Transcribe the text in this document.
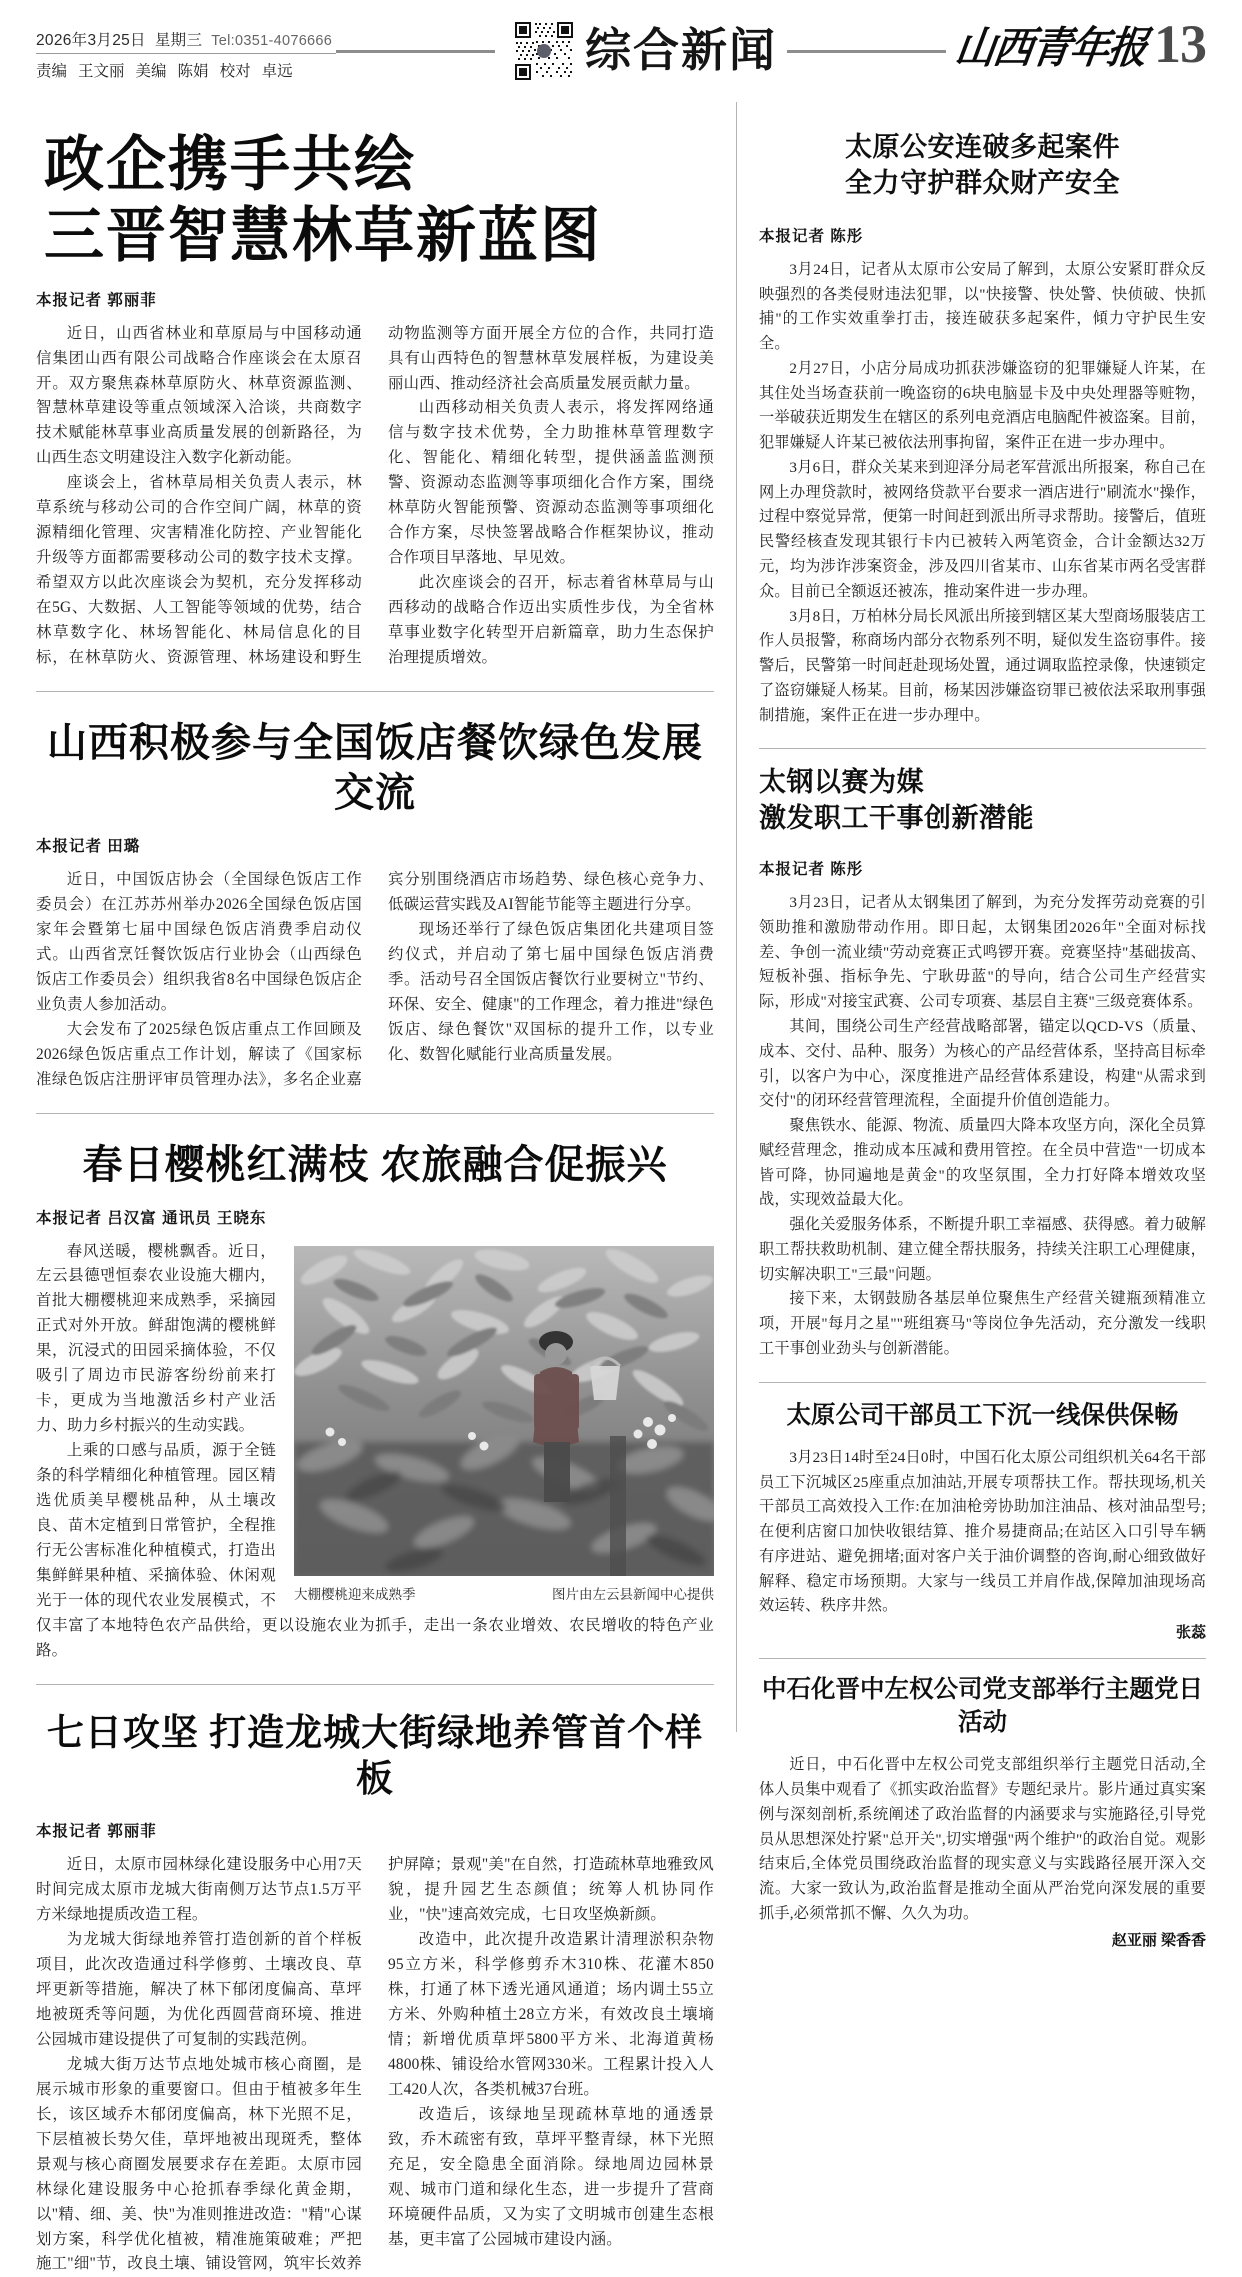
2026年3月25日 星期三 Tel:0351-4076666
责编 王文丽 美编 陈娟 校对 卓远	综合新闻	山西青年报 13
政企携手共绘
三晋智慧林草新蓝图
本报记者 郭丽菲

近日，山西省林业和草原局与中国移动通信集团山西有限公司战略合作座谈会在太原召开。双方聚焦森林草原防火、林草资源监测、智慧林草建设等重点领域深入洽谈，共商数字技术赋能林草事业高质量发展的创新路径，为山西生态文明建设注入数字化新动能。

座谈会上，省林草局相关负责人表示，林草系统与移动公司的合作空间广阔，林草的资源精细化管理、灾害精准化防控、产业智能化升级等方面都需要移动公司的数字技术支撑。希望双方以此次座谈会为契机，充分发挥移动在5G、大数据、人工智能等领域的优势，结合林草数字化、林场智能化、林局信息化的目标，在林草防火、资源管理、林场建设和野生动物监测等方面开展全方位的合作，共同打造具有山西特色的智慧林草发展样板，为建设美丽山西、推动经济社会高质量发展贡献力量。

山西移动相关负责人表示，将发挥网络通信与数字技术优势，全力助推林草管理数字化、智能化、精细化转型，提供涵盖监测预警、资源动态监测等事项细化合作方案，围绕林草防火智能预警、资源动态监测等事项细化合作方案，尽快签署战略合作框架协议，推动合作项目早落地、早见效。

此次座谈会的召开，标志着省林草局与山西移动的战略合作迈出实质性步伐，为全省林草事业数字化转型开启新篇章，助力生态保护治理提质增效。

山西积极参与全国饭店餐饮绿色发展交流
本报记者 田璐

近日，中国饭店协会（全国绿色饭店工作委员会）在江苏苏州举办2026全国绿色饭店国家年会暨第七届中国绿色饭店消费季启动仪式。山西省烹饪餐饮饭店行业协会（山西绿色饭店工作委员会）组织我省8名中国绿色饭店企业负责人参加活动。

大会发布了2025绿色饭店重点工作回顾及2026绿色饭店重点工作计划，解读了《国家标准绿色饭店注册评审员管理办法》，多名企业嘉宾分别围绕酒店市场趋势、绿色核心竞争力、低碳运营实践及AI智能节能等主题进行分享。

现场还举行了绿色饭店集团化共建项目签约仪式，并启动了第七届中国绿色饭店消费季。活动号召全国饭店餐饮行业要树立"节约、环保、安全、健康"的工作理念，着力推进"绿色饭店、绿色餐饮"双国标的提升工作，以专业化、数智化赋能行业高质量发展。

春日樱桃红满枝 农旅融合促振兴
本报记者 吕汉富 通讯员 王晓东
大棚樱桃迎来成熟季	图片由左云县新闻中心提供

春风送暖，樱桃飘香。近日，左云县德맨恒泰农业设施大棚内，首批大棚樱桃迎来成熟季，采摘园正式对外开放。鲜甜饱满的樱桃鲜果，沉浸式的田园采摘体验，不仅吸引了周边市民游客纷纷前来打卡，更成为当地激活乡村产业活力、助力乡村振兴的生动实践。

上乘的口感与品质，源于全链条的科学精细化种植管理。园区精选优质美早樱桃品种，从土壤改良、苗木定植到日常管护，全程推行无公害标准化种植模式，打造出集鲜鲜果种植、采摘体验、休闲观光于一体的现代农业发展模式，不仅丰富了本地特色农产品供给，更以设施农业为抓手，走出一条农业增效、农民增收的特色产业路。

七日攻坚 打造龙城大街绿地养管首个样板
本报记者 郭丽菲

近日，太原市园林绿化建设服务中心用7天时间完成太原市龙城大街南侧万达节点1.5万平方米绿地提质改造工程。

为龙城大街绿地养管打造创新的首个样板项目，此次改造通过科学修剪、土壤改良、草坪更新等措施，解决了林下郁闭度偏高、草坪地被斑秃等问题，为优化西圆营商环境、推进公园城市建设提供了可复制的实践范例。

龙城大街万达节点地处城市核心商圈，是展示城市形象的重要窗口。但由于植被多年生长，该区域乔木郁闭度偏高，林下光照不足，下层植被长势欠佳，草坪地被出现斑秃，整体景观与核心商圈发展要求存在差距。太原市园林绿化建设服务中心抢抓春季绿化黄金期，以"精、细、美、快"为准则推进改造："精"心谋划方案，科学优化植被，精准施策破难；严把施工"细"节，改良土壤、铺设管网，筑牢长效养护屏障；景观"美"在自然，打造疏林草地雅致风貌，提升园艺生态颜值；统筹人机协同作业，"快"速高效完成，七日攻坚焕新颜。

改造中，此次提升改造累计清理淤积杂物95立方米，科学修剪乔木310株、花灌木850株，打通了林下透光通风通道；场内调土55立方米、外购种植土28立方米，有效改良土壤墒情；新增优质草坪5800平方米、北海道黄杨4800株、铺设给水管网330米。工程累计投入人工420人次，各类机械37台班。

改造后，该绿地呈现疏林草地的通透景致，乔木疏密有致，草坪平整青绿，林下光照充足，安全隐患全面消除。绿地周边园林景观、城市门道和绿化生态，进一步提升了营商环境硬件品质，又为实了文明城市创建生态根基，更丰富了公园城市建设内涵。

太原公安连破多起案件
全力守护群众财产安全
本报记者 陈彤

3月24日，记者从太原市公安局了解到，太原公安紧盯群众反映强烈的各类侵财违法犯罪，以"快接警、快处警、快侦破、快抓捕"的工作实效重拳打击，接连破获多起案件，傾力守护民生安全。

2月27日，小店分局成功抓获涉嫌盗窃的犯罪嫌疑人许某，在其住处当场查获前一晚盗窃的6块电脑显卡及中央处理器等赃物，一举破获近期发生在辖区的系列电竞酒店电脑配件被盗案。目前，犯罪嫌疑人许某已被依法刑事拘留，案件正在进一步办理中。

3月6日，群众关某来到迎泽分局老军营派出所报案，称自己在网上办理贷款时，被网络贷款平台要求一酒店进行"刷流水"操作，过程中察觉异常，便第一时间赶到派出所寻求帮助。接警后，值班民警经核查发现其银行卡内已被转入两笔资金，合计金额达32万元，均为涉诈涉案资金，涉及四川省某市、山东省某市两名受害群众。目前已全额返还被冻，推动案件进一步办理。

3月8日，万柏林分局长风派出所接到辖区某大型商场服装店工作人员报警，称商场内部分衣物系列不明，疑似发生盗窃事件。接警后，民警第一时间赶赴现场处置，通过调取监控录像，快速锁定了盗窃嫌疑人杨某。目前，杨某因涉嫌盗窃罪已被依法采取刑事强制措施，案件正在进一步办理中。

太钢以赛为媒
激发职工干事创新潜能
本报记者 陈彤

3月23日，记者从太钢集团了解到，为充分发挥劳动竞赛的引领助推和激励带动作用。即日起，太钢集团2026年"全面对标找差、争创一流业绩"劳动竞赛正式鸣锣开赛。竞赛坚持"基础拔高、短板补强、指标争先、宁耿毋蓝"的导向，结合公司生产经营实际，形成"对接宝武赛、公司专项赛、基层自主赛"三级竞赛体系。

其间，围绕公司生产经营战略部署，锚定以QCD-VS（质量、成本、交付、品种、服务）为核心的产品经营体系，坚持高目标牵引，以客户为中心，深度推进产品经营体系建设，构建"从需求到交付"的闭环经营管理流程，全面提升价值创造能力。

聚焦铁水、能源、物流、质量四大降本攻坚方向，深化全员算赋经营理念，推动成本压减和费用管控。在全员中营造"一切成本皆可降，协同遍地是黄金"的攻坚氛围，全力打好降本增效攻坚战，实现效益最大化。

强化关爱服务体系，不断提升职工幸福感、获得感。着力破解职工帮扶救助机制、建立健全帮扶服务，持续关注职工心理健康，切实解决职工"三最"问题。

接下来，太钢鼓励各基层单位聚焦生产经营关键瓶颈精准立项，开展"每月之星""班组赛马"等岗位争先活动，充分激发一线职工干事创业劲头与创新潜能。

太原公司干部员工下沉一线保供保畅

3月23日14时至24日0时，中国石化太原公司组织机关64名干部员工下沉城区25座重点加油站,开展专项帮扶工作。帮扶现场,机关干部员工高效投入工作:在加油枪旁协助加注油品、核对油品型号;在便利店窗口加快收银结算、推介易捷商品;在站区入口引导车辆有序进站、避免拥堵;面对客户关于油价调整的咨询,耐心细致做好解释、稳定市场预期。大家与一线员工并肩作战,保障加油现场高效运转、秩序井然。

张蕊
中石化晋中左权公司党支部举行主题党日活动

近日，中石化晋中左权公司党支部组织举行主题党日活动,全体人员集中观看了《抓实政治监督》专题纪录片。影片通过真实案例与深刻剖析,系统阐述了政治监督的内涵要求与实施路径,引导党员从思想深处拧紧"总开关",切实增强"两个维护"的政治自觉。观影结束后,全体党员围绕政治监督的现实意义与实践路径展开深入交流。大家一致认为,政治监督是推动全面从严治党向深发展的重要抓手,必须常抓不懈、久久为功。

赵亚丽 梁香香
